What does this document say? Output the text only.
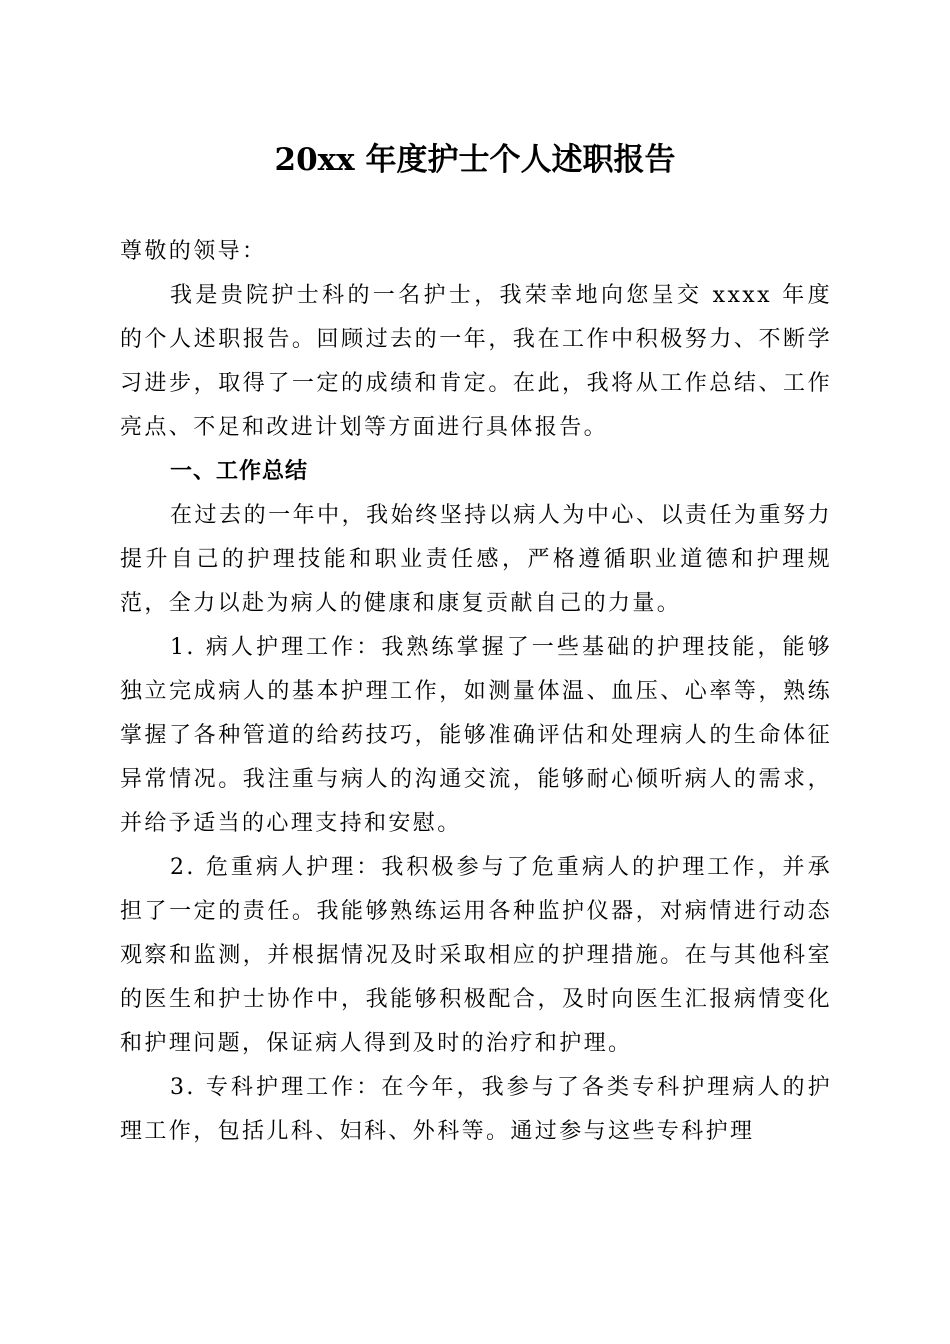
20xx 年度护士个人述职报告

尊敬的领导：

我是贵院护士科的一名护士，我荣幸地向您呈交 xxxx 年度的个人述职报告。回顾过去的一年，我在工作中积极努力、不断学习进步，取得了一定的成绩和肯定。在此，我将从工作总结、工作亮点、不足和改进计划等方面进行具体报告。

一、工作总结

在过去的一年中，我始终坚持以病人为中心、以责任为重努力提升自己的护理技能和职业责任感，严格遵循职业道德和护理规范，全力以赴为病人的健康和康复贡献自己的力量。

1. 病人护理工作：我熟练掌握了一些基础的护理技能，能够独立完成病人的基本护理工作，如测量体温、血压、心率等，熟练掌握了各种管道的给药技巧，能够准确评估和处理病人的生命体征异常情况。我注重与病人的沟通交流，能够耐心倾听病人的需求，并给予适当的心理支持和安慰。

2. 危重病人护理：我积极参与了危重病人的护理工作，并承担了一定的责任。我能够熟练运用各种监护仪器，对病情进行动态观察和监测，并根据情况及时采取相应的护理措施。在与其他科室的医生和护士协作中，我能够积极配合，及时向医生汇报病情变化和护理问题，保证病人得到及时的治疗和护理。

3. 专科护理工作：在今年，我参与了各类专科护理病人的护理工作，包括儿科、妇科、外科等。通过参与这些专科护理
